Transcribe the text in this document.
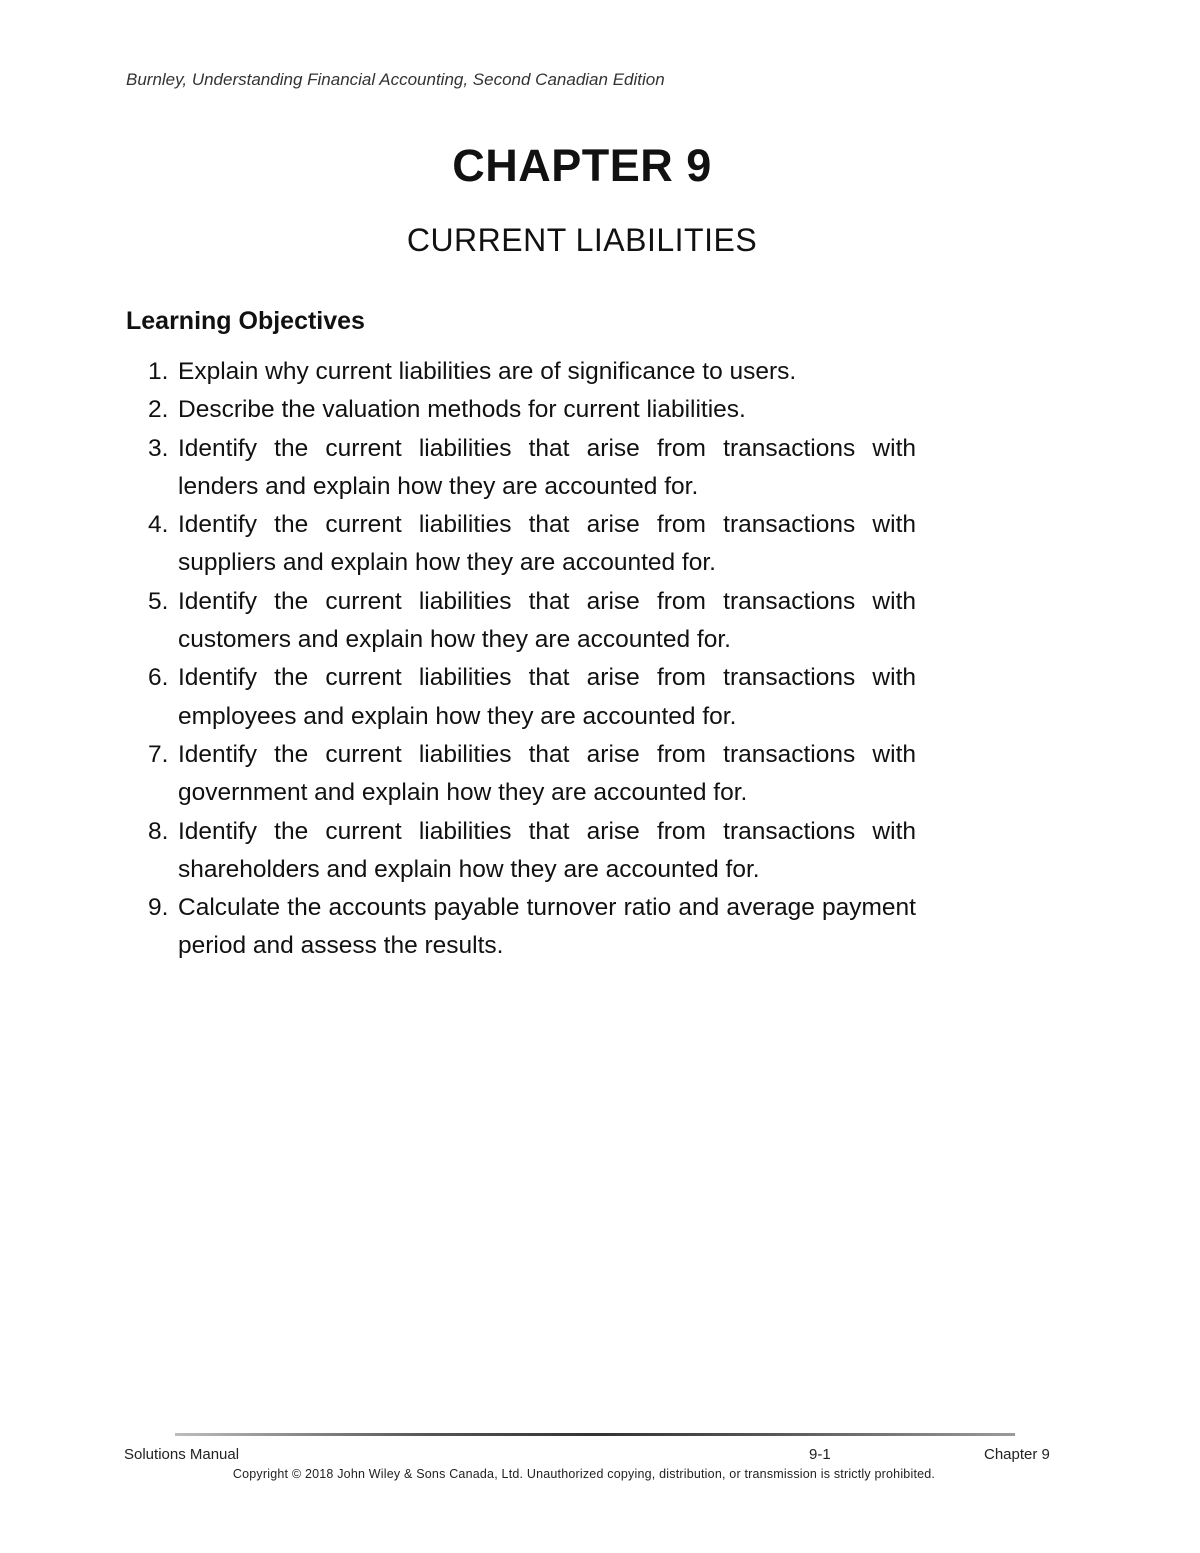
Burnley, Understanding Financial Accounting, Second Canadian Edition
CHAPTER 9
CURRENT LIABILITIES
Learning Objectives
1. Explain why current liabilities are of significance to users.
2. Describe the valuation methods for current liabilities.
3. Identify the current liabilities that arise from transactions with lenders and explain how they are accounted for.
4. Identify the current liabilities that arise from transactions with suppliers and explain how they are accounted for.
5. Identify the current liabilities that arise from transactions with customers and explain how they are accounted for.
6. Identify the current liabilities that arise from transactions with employees and explain how they are accounted for.
7. Identify the current liabilities that arise from transactions with government and explain how they are accounted for.
8. Identify the current liabilities that arise from transactions with shareholders and explain how they are accounted for.
9. Calculate the accounts payable turnover ratio and average payment period and assess the results.
Solutions Manual	9-1	Chapter 9
Copyright © 2018 John Wiley & Sons Canada, Ltd. Unauthorized copying, distribution, or transmission is strictly prohibited.
